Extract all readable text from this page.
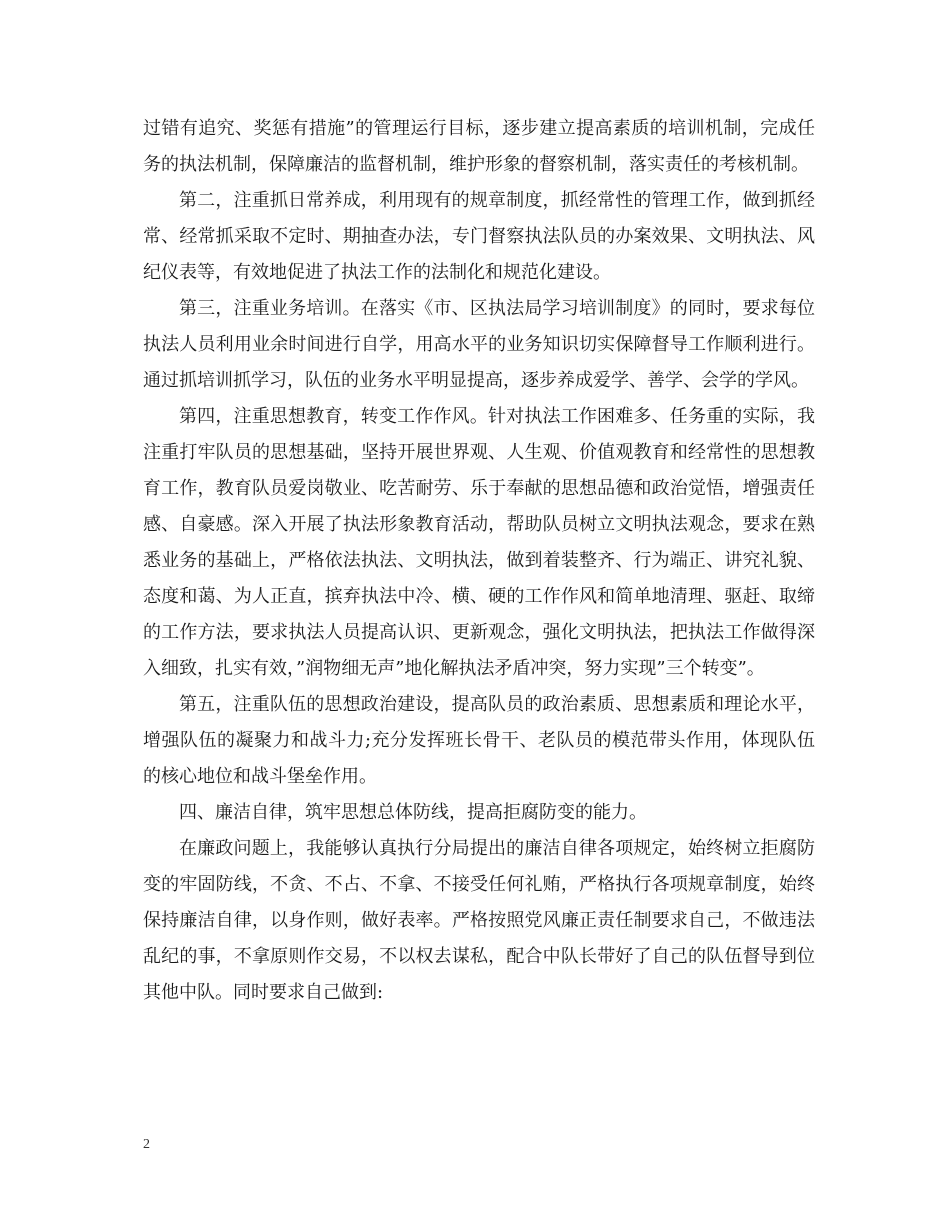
过错有追究、奖惩有措施”的管理运行目标，逐步建立提高素质的培训机制，完成任务的执法机制，保障廉洁的监督机制，维护形象的督察机制，落实责任的考核机制。

第二，注重抓日常养成，利用现有的规章制度，抓经常性的管理工作，做到抓经常、经常抓采取不定时、期抽查办法，专门督察执法队员的办案效果、文明执法、风纪仪表等，有效地促进了执法工作的法制化和规范化建设。

第三，注重业务培训。在落实《市、区执法局学习培训制度》的同时，要求每位执法人员利用业余时间进行自学，用高水平的业务知识切实保障督导工作顺利进行。通过抓培训抓学习，队伍的业务水平明显提高，逐步养成爱学、善学、会学的学风。

第四，注重思想教育，转变工作作风。针对执法工作困难多、任务重的实际，我注重打牢队员的思想基础，坚持开展世界观、人生观、价值观教育和经常性的思想教育工作，教育队员爱岗敬业、吃苦耐劳、乐于奉献的思想品德和政治觉悟，增强责任感、自豪感。深入开展了执法形象教育活动，帮助队员树立文明执法观念，要求在熟悉业务的基础上，严格依法执法、文明执法，做到着装整齐、行为端正、讲究礼貌、态度和蔼、为人正直，摈弃执法中冷、横、硬的工作作风和简单地清理、驱赶、取缔的工作方法，要求执法人员提高认识、更新观念，强化文明执法，把执法工作做得深入细致，扎实有效，”润物细无声”地化解执法矛盾冲突，努力实现”三个转变”。

第五，注重队伍的思想政治建设，提高队员的政治素质、思想素质和理论水平，增强队伍的凝聚力和战斗力;充分发挥班长骨干、老队员的模范带头作用，体现队伍的核心地位和战斗堡垒作用。

四、廉洁自律，筑牢思想总体防线，提高拒腐防变的能力。

在廉政问题上，我能够认真执行分局提出的廉洁自律各项规定，始终树立拒腐防变的牢固防线，不贪、不占、不拿、不接受任何礼贿，严格执行各项规章制度，始终保持廉洁自律，以身作则，做好表率。严格按照党风廉正责任制要求自己，不做违法乱纪的事，不拿原则作交易，不以权去谋私，配合中队长带好了自己的队伍督导到位其他中队。同时要求自己做到:

2
